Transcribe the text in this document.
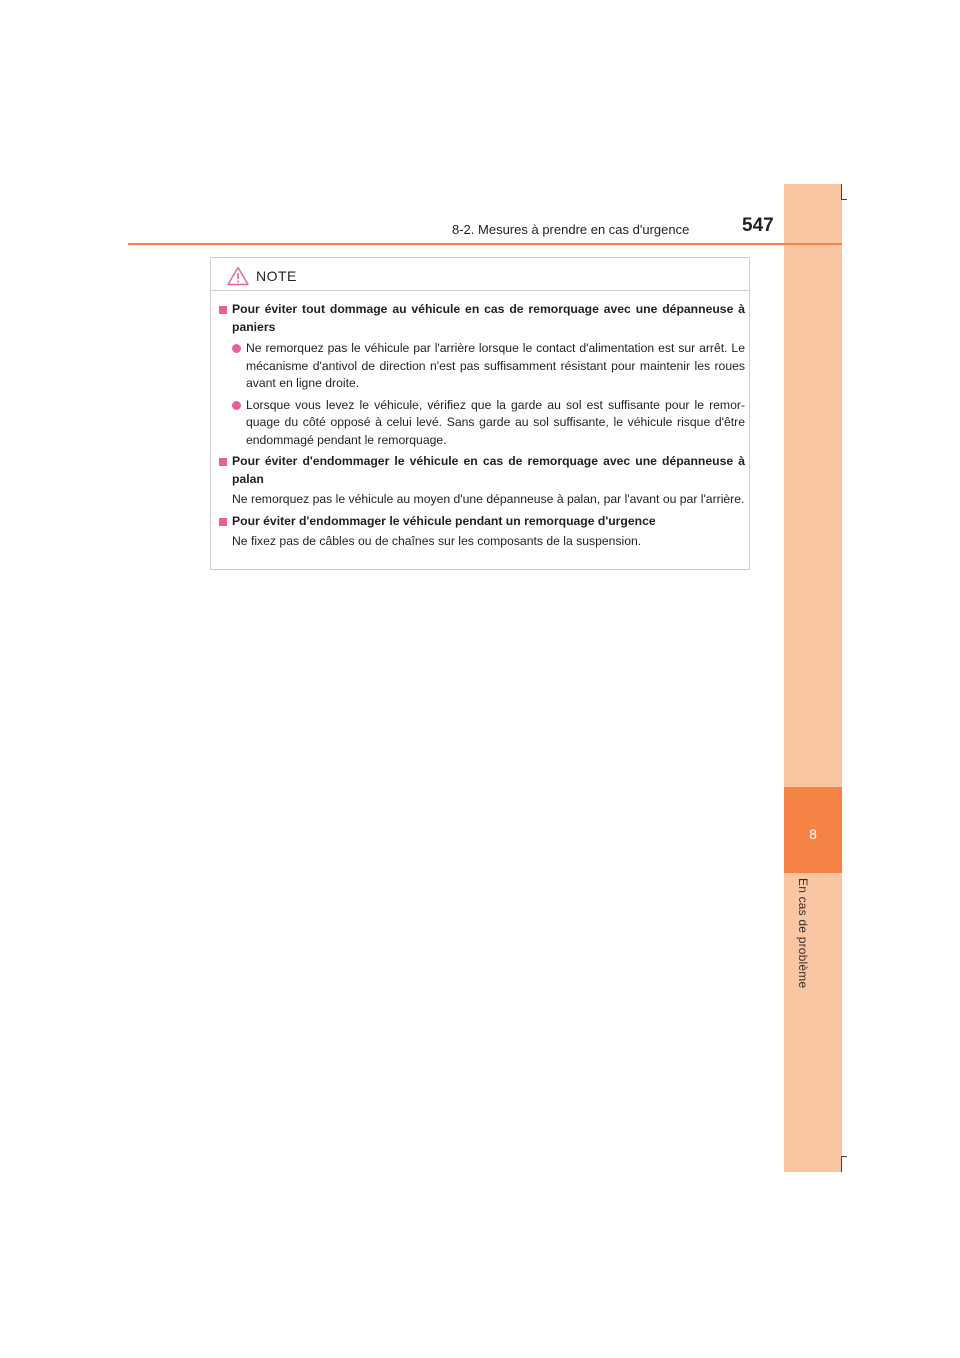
8
En cas de problème
8-2. Mesures à prendre en cas d'urgence	547
NOTE
Pour éviter tout dommage au véhicule en cas de remorquage avec une dépanneuse à paniers
Ne remorquez pas le véhicule par l'arrière lorsque le contact d'alimentation est sur arrêt. Le mécanisme d'antivol de direction n'est pas suffisamment résistant pour maintenir les roues avant en ligne droite.
Lorsque vous levez le véhicule, vérifiez que la garde au sol est suffisante pour le remor-quage du côté opposé à celui levé. Sans garde au sol suffisante, le véhicule risque d'être endommagé pendant le remorquage.
Pour éviter d'endommager le véhicule en cas de remorquage avec une dépanneuse à palan
Ne remorquez pas le véhicule au moyen d'une dépanneuse à palan, par l'avant ou par l'arrière.
Pour éviter d'endommager le véhicule pendant un remorquage d'urgence
Ne fixez pas de câbles ou de chaînes sur les composants de la suspension.
